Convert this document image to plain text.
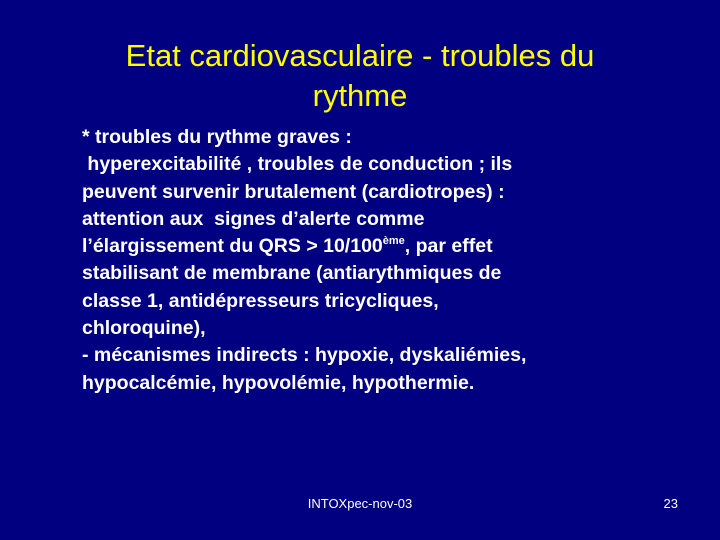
Etat cardiovasculaire - troubles du
rythme
* troubles du rythme graves :
hyperexcitabilité , troubles de conduction ; ils
peuvent survenir brutalement (cardiotropes) :
attention aux  signes d’alerte comme
l’élargissement du QRS > 10/100ème, par effet
stabilisant de membrane (antiarythmiques de
classe 1, antidépresseurs tricycliques,
chloroquine),
- mécanismes indirects : hypoxie, dyskaliémies,
hypocalcémie, hypovolémie, hypothermie.
INTOXpec-nov-03	23
